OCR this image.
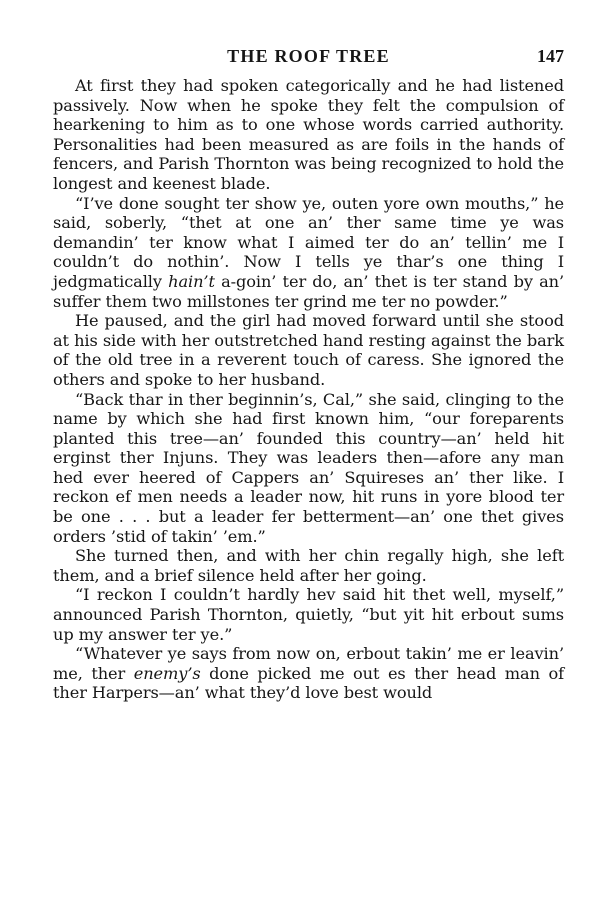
THE ROOF TREE	147

At first they had spoken categorically and he had listened passively. Now when he spoke they felt the compulsion of hearkening to him as to one whose words carried authority. Personalities had been measured as are foils in the hands of fencers, and Parish Thornton was being recognized to hold the longest and keenest blade.

“I’ve done sought ter show ye, outen yore own mouths,” he said, soberly, “thet at one an’ ther same time ye was demandin’ ter know what I aimed ter do an’ tellin’ me I couldn’t do nothin’. Now I tells ye thar’s one thing I jedgmatically hain’t a-goin’ ter do, an’ thet is ter stand by an’ suffer them two millstones ter grind me ter no powder.”

He paused, and the girl had moved forward until she stood at his side with her outstretched hand resting against the bark of the old tree in a reverent touch of caress. She ignored the others and spoke to her husband.

“Back thar in ther beginnin’s, Cal,” she said, clinging to the name by which she had first known him, “our foreparents planted this tree—an’ founded this country—an’ held hit erginst ther Injuns. They was leaders then—afore any man hed ever heered of Cappers an’ Squireses an’ ther like. I reckon ef men needs a leader now, hit runs in yore blood ter be one . . . but a leader fer betterment—an’ one thet gives orders ’stid of takin’ ’em.”

She turned then, and with her chin regally high, she left them, and a brief silence held after her going.

“I reckon I couldn’t hardly hev said hit thet well, myself,” announced Parish Thornton, quietly, “but yit hit erbout sums up my answer ter ye.”

“Whatever ye says from now on, erbout takin’ me er leavin’ me, ther enemy’s done picked me out es ther head man of ther Harpers—an’ what they’d love best would
